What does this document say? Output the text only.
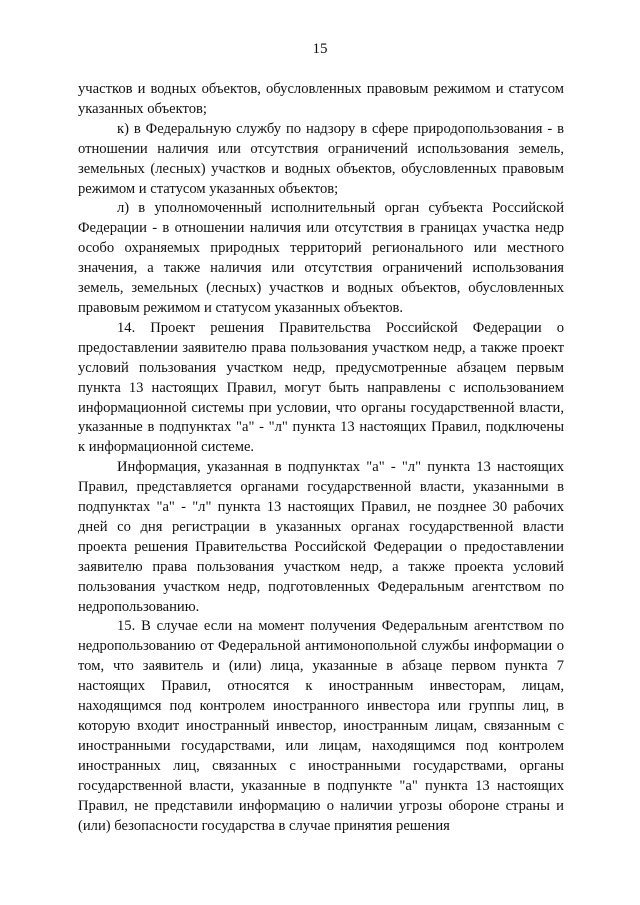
15

участков и водных объектов, обусловленных правовым режимом и статусом указанных объектов;

к) в Федеральную службу по надзору в сфере природопользования - в отношении наличия или отсутствия ограничений использования земель, земельных (лесных) участков и водных объектов, обусловленных правовым режимом и статусом указанных объектов;

л) в уполномоченный исполнительный орган субъекта Российской Федерации - в отношении наличия или отсутствия в границах участка недр особо охраняемых природных территорий регионального или местного значения, а также наличия или отсутствия ограничений использования земель, земельных (лесных) участков и водных объектов, обусловленных правовым режимом и статусом указанных объектов.

14. Проект решения Правительства Российской Федерации о предоставлении заявителю права пользования участком недр, а также проект условий пользования участком недр, предусмотренные абзацем первым пункта 13 настоящих Правил, могут быть направлены с использованием информационной системы при условии, что органы государственной власти, указанные в подпунктах "а" - "л" пункта 13 настоящих Правил, подключены к информационной системе.

Информация, указанная в подпунктах "а" - "л" пункта 13 настоящих Правил, представляется органами государственной власти, указанными в подпунктах "а" - "л" пункта 13 настоящих Правил, не позднее 30 рабочих дней со дня регистрации в указанных органах государственной власти проекта решения Правительства Российской Федерации о предоставлении заявителю права пользования участком недр, а также проекта условий пользования участком недр, подготовленных Федеральным агентством по недропользованию.

15. В случае если на момент получения Федеральным агентством по недропользованию от Федеральной антимонопольной службы информации о том, что заявитель и (или) лица, указанные в абзаце первом пункта 7 настоящих Правил, относятся к иностранным инвесторам, лицам, находящимся под контролем иностранного инвестора или группы лиц, в которую входит иностранный инвестор, иностранным лицам, связанным с иностранными государствами, или лицам, находящимся под контролем иностранных лиц, связанных с иностранными государствами, органы государственной власти, указанные в подпункте "а" пункта 13 настоящих Правил, не представили информацию о наличии угрозы обороне страны и (или) безопасности государства в случае принятия решения
